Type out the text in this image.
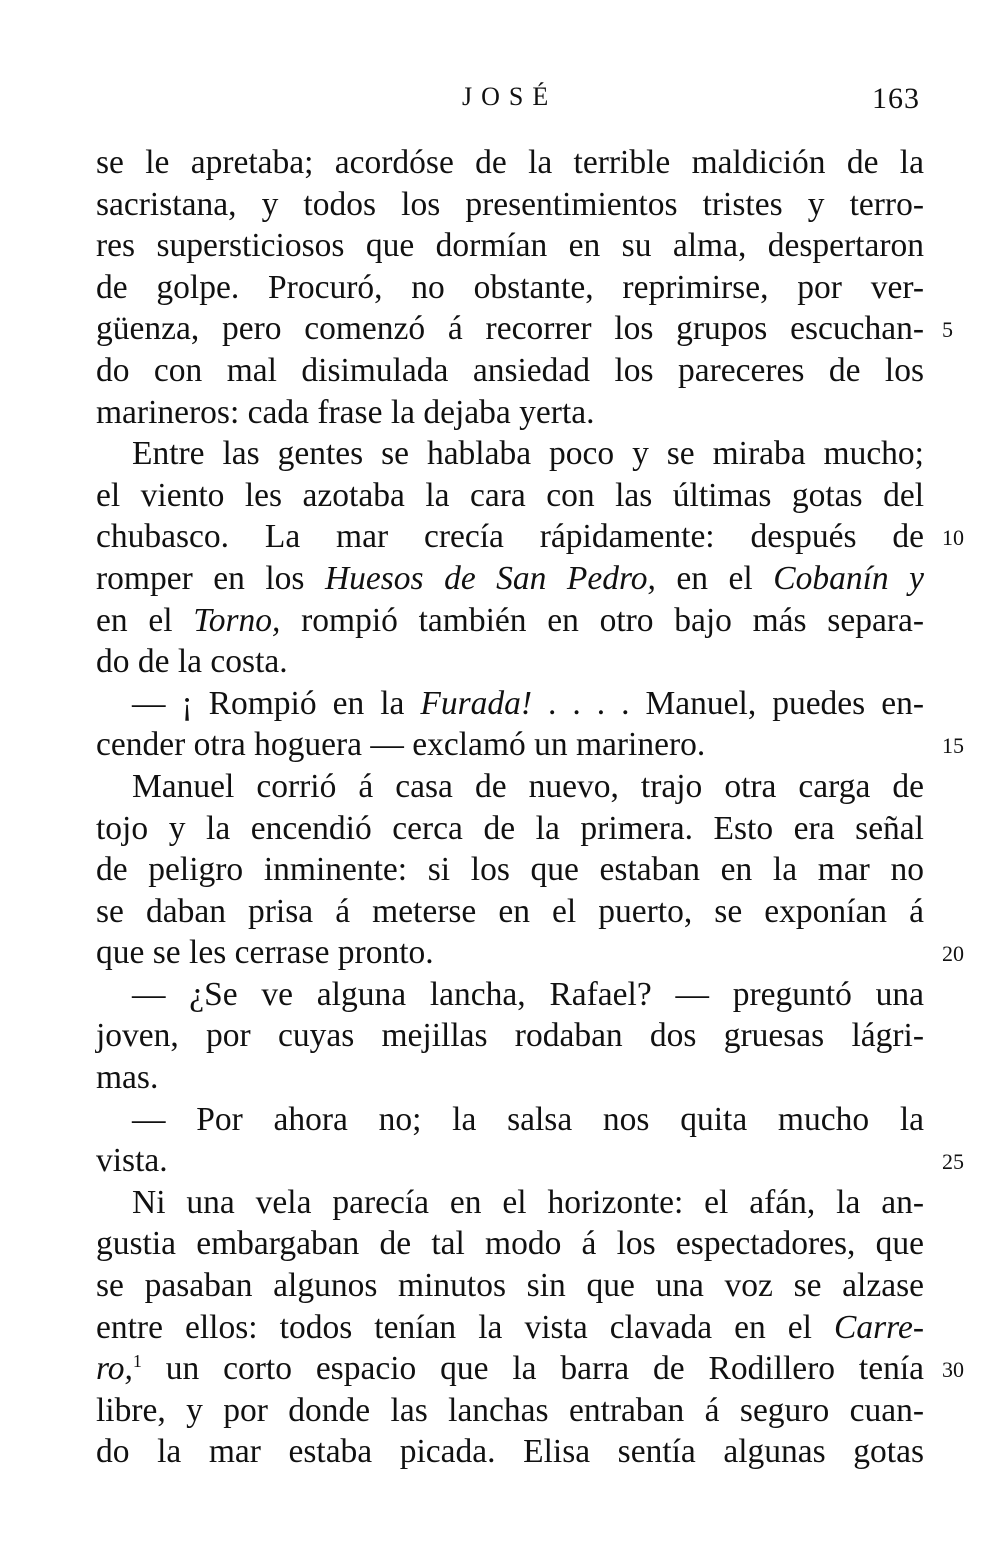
JOSÉ	163
se le apretaba; acordóse de la terrible maldición de la
sacristana, y todos los presentimientos tristes y terro-
res supersticiosos que dormían en su alma, despertaron
de golpe. Procuró, no obstante, reprimirse, por ver-
güenza, pero comenzó á recorrer los grupos escuchan- 5
do con mal disimulada ansiedad los pareceres de los
marineros: cada frase la dejaba yerta.
Entre las gentes se hablaba poco y se miraba mucho;
el viento les azotaba la cara con las últimas gotas del
chubasco. La mar crecía rápidamente: después de 10
romper en los Huesos de San Pedro, en el Cobanín y
en el Torno, rompió también en otro bajo más separa-
do de la costa.
— ¡ Rompió en la Furada! . . . . Manuel, puedes en-
cender otra hoguera — exclamó un marinero.	15
Manuel corrió á casa de nuevo, trajo otra carga de
tojo y la encendió cerca de la primera. Esto era señal
de peligro inminente: si los que estaban en la mar no
se daban prisa á meterse en el puerto, se exponían á
que se les cerrase pronto.	20
— ¿Se ve alguna lancha, Rafael? — preguntó una
joven, por cuyas mejillas rodaban dos gruesas lágri-
mas.
— Por ahora no; la salsa nos quita mucho la
vista.	25
Ni una vela parecía en el horizonte: el afán, la an-
gustia embargaban de tal modo á los espectadores, que
se pasaban algunos minutos sin que una voz se alzase
entre ellos: todos tenían la vista clavada en el Carre-
ro,$^1$ un corto espacio que la barra de Rodillero tenía 30
libre, y por donde las lanchas entraban á seguro cuan-
do la mar estaba picada. Elisa sentía algunas gotas
